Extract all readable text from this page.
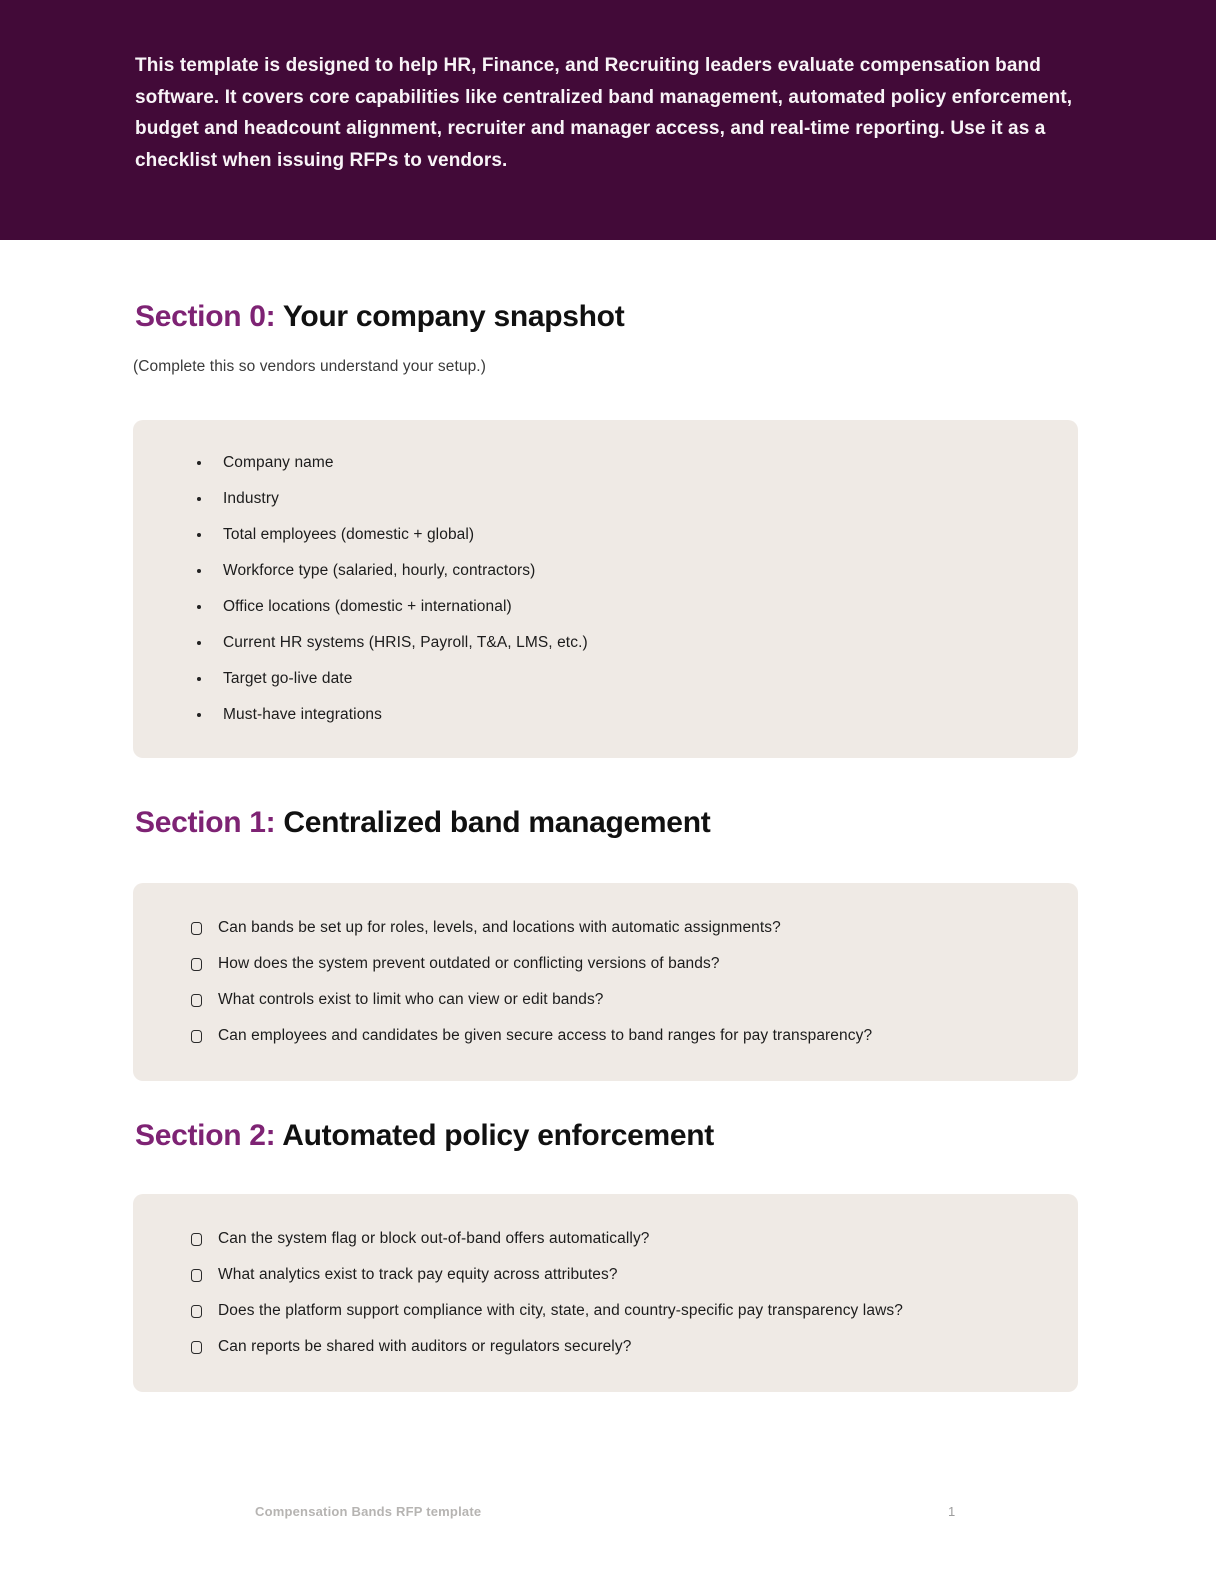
This template is designed to help HR, Finance, and Recruiting leaders evaluate compensation band software. It covers core capabilities like centralized band management, automated policy enforcement, budget and headcount alignment, recruiter and manager access, and real-time reporting. Use it as a checklist when issuing RFPs to vendors.

Section 0: Your company snapshot

(Complete this so vendors understand your setup.)

Company name
Industry
Total employees (domestic + global)
Workforce type (salaried, hourly, contractors)
Office locations (domestic + international)
Current HR systems (HRIS, Payroll, T&A, LMS, etc.)
Target go-live date
Must-have integrations
Section 1: Centralized band management
Can bands be set up for roles, levels, and locations with automatic assignments?
How does the system prevent outdated or conflicting versions of bands?
What controls exist to limit who can view or edit bands?
Can employees and candidates be given secure access to band ranges for pay transparency?
Section 2: Automated policy enforcement
Can the system flag or block out-of-band offers automatically?
What analytics exist to track pay equity across attributes?
Does the platform support compliance with city, state, and country-specific pay transparency laws?
Can reports be shared with auditors or regulators securely?
Compensation Bands RFP template	1
